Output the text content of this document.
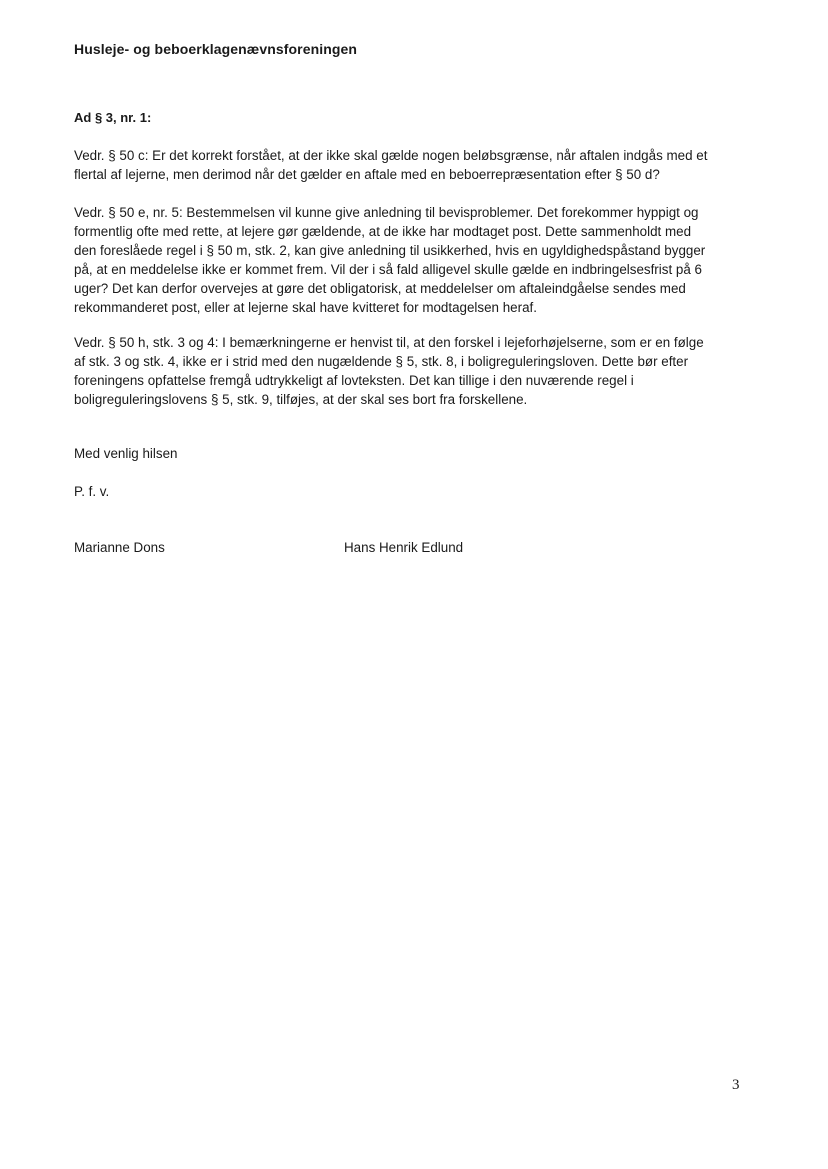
Husleje- og beboerklagenævnsforeningen
Ad § 3, nr. 1:
Vedr. § 50 c: Er det korrekt forstået, at der ikke skal gælde nogen beløbsgrænse, når aftalen indgås med et
flertal af lejerne, men derimod når det gælder en aftale med en beboerrepræsentation efter § 50 d?
Vedr. § 50 e, nr. 5: Bestemmelsen vil kunne give anledning til bevisproblemer. Det forekommer hyppigt og
formentlig ofte med rette, at lejere gør gældende, at de ikke har modtaget post. Dette sammenholdt med
den foreslåede regel i § 50 m, stk. 2, kan give anledning til usikkerhed, hvis en ugyldighedspåstand bygger
på, at en meddelelse ikke er kommet frem. Vil der i så fald alligevel skulle gælde en indbringelsesfrist på 6
uger? Det kan derfor overvejes at gøre det obligatorisk, at meddelelser om aftaleindgåelse sendes med
rekommanderet post, eller at lejerne skal have kvitteret for modtagelsen heraf.
Vedr. § 50 h, stk. 3 og 4: I bemærkningerne er henvist til, at den forskel i lejeforhøjelserne, som er en følge
af stk. 3 og stk. 4, ikke er i strid med den nugældende § 5, stk. 8, i boligreguleringsloven. Dette bør efter
foreningens opfattelse fremgå udtrykkeligt af lovteksten. Det kan tillige i den nuværende regel i
boligreguleringslovens § 5, stk. 9, tilføjes, at der skal ses bort fra forskellene.
Med venlig hilsen
P. f. v.
Marianne Dons	Hans Henrik Edlund
3
